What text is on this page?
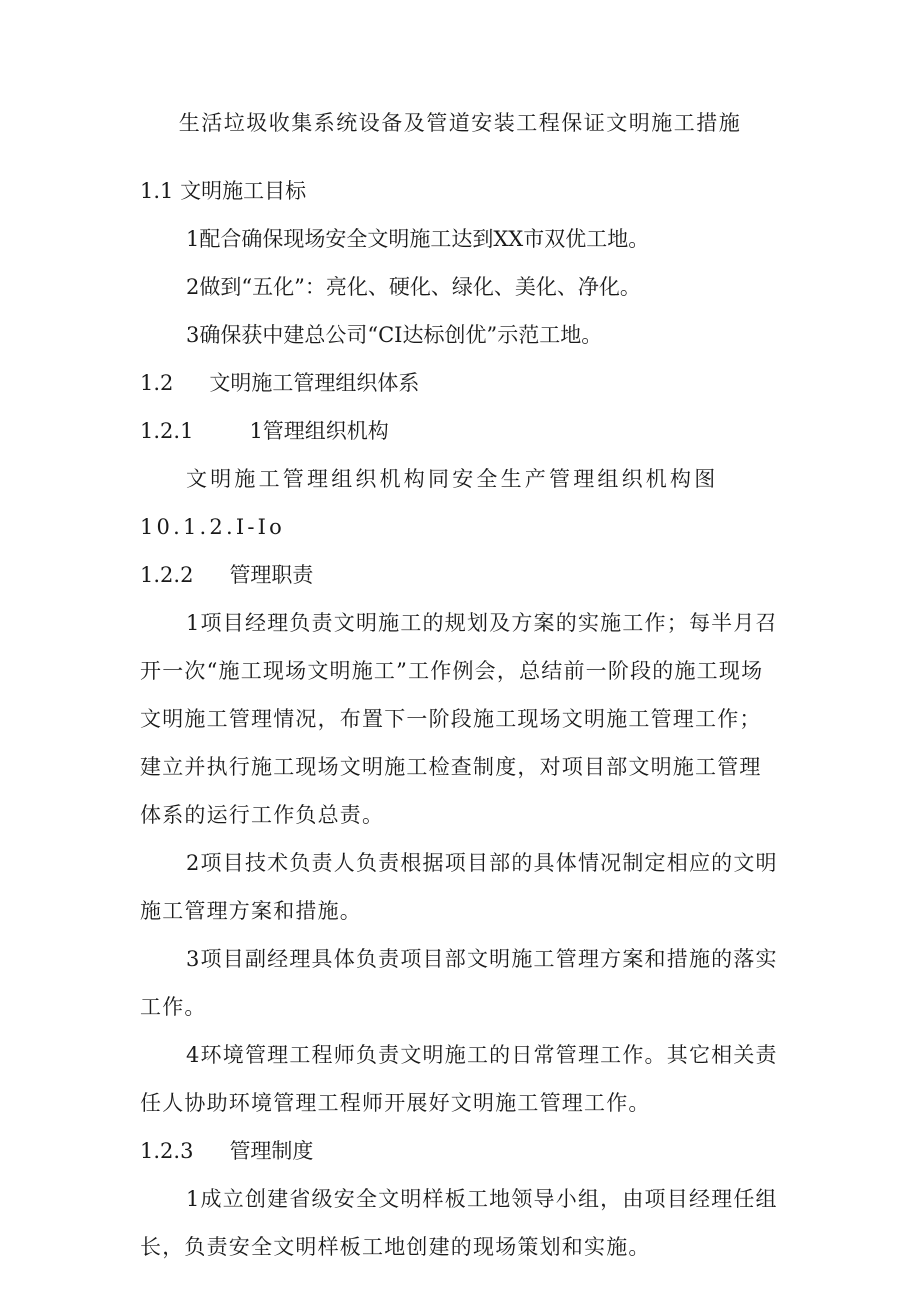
生活垃圾收集系统设备及管道安装工程保证文明施工措施

1.1 文明施工目标

1配合确保现场安全文明施工达到XX市双优工地。

2做到“五化”：亮化、硬化、绿化、美化、净化。

3确保获中建总公司“CI达标创优”示范工地。

1.2 文明施工管理组织体系

1.2.1	1管理组织机构

文明施工管理组织机构同安全生产管理组织机构图10.1.2.I-Io

1.2.2 管理职责

1项目经理负责文明施工的规划及方案的实施工作；每半月召开一次“施工现场文明施工”工作例会，总结前一阶段的施工现场文明施工管理情况，布置下一阶段施工现场文明施工管理工作；建立并执行施工现场文明施工检查制度，对项目部文明施工管理体系的运行工作负总责。

2项目技术负责人负责根据项目部的具体情况制定相应的文明施工管理方案和措施。

3项目副经理具体负责项目部文明施工管理方案和措施的落实工作。

4环境管理工程师负责文明施工的日常管理工作。其它相关责任人协助环境管理工程师开展好文明施工管理工作。

1.2.3 管理制度

1成立创建省级安全文明样板工地领导小组，由项目经理任组长，负责安全文明样板工地创建的现场策划和实施。
